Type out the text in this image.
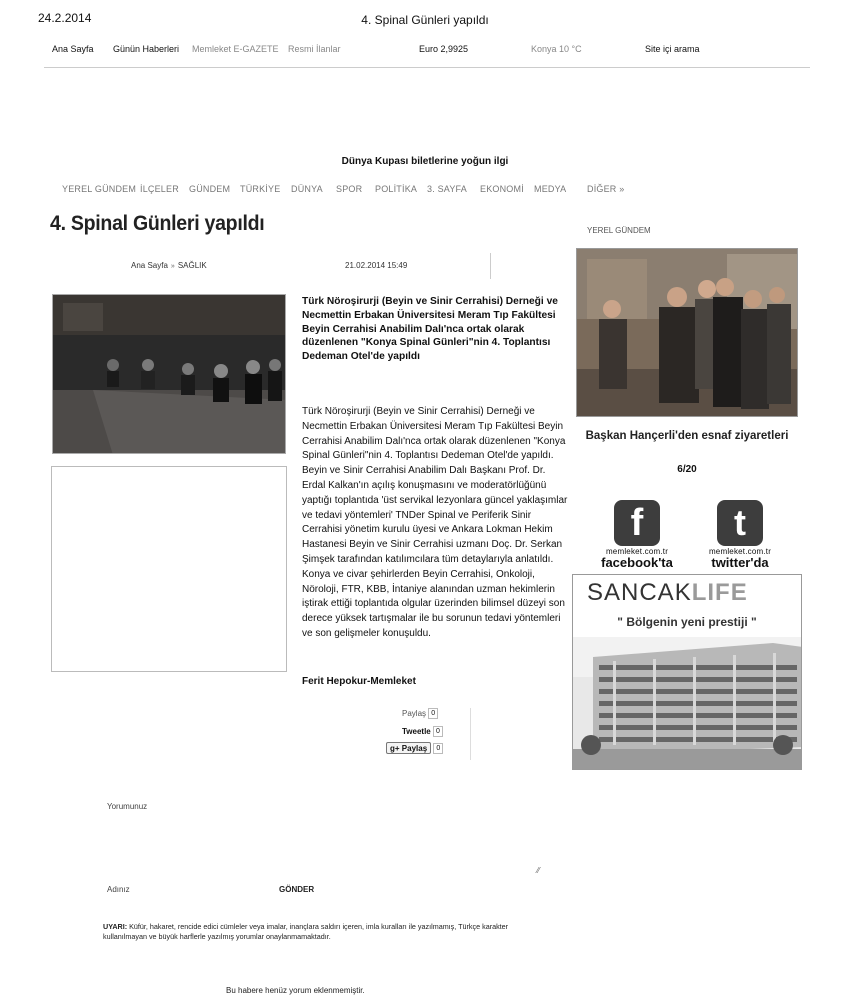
24.2.2014	4. Spinal Günleri yapıldı
Ana Sayfa Günün Haberleri Memleket E-GAZETE Resmi İlanlar	Euro 2,9925	Konya 10 °C	Site içi arama
Dünya Kupası biletlerine yoğun ilgi
YEREL GÜNDEM İLÇELER GÜNDEM TÜRKİYE DÜNYA SPOR POLİTİKA 3. SAYFA EKONOMİ MEDYA DİĞER »
4. Spinal Günleri yapıldı
Ana Sayfa » SAĞLIK	21.02.2014 15:49

Türk Nöroşirurji (Beyin ve Sinir Cerrahisi) Derneği ve Necmettin Erbakan Üniversitesi Meram Tıp Fakültesi Beyin Cerrahisi Anabilim Dalı'nca ortak olarak düzenlenen "Konya Spinal Günleri"nin 4. Toplantısı Dedeman Otel'de yapıldı

Türk Nöroşirurji (Beyin ve Sinir Cerrahisi) Derneği ve Necmettin Erbakan Üniversitesi Meram Tıp Fakültesi Beyin Cerrahisi Anabilim Dalı'nca ortak olarak düzenlenen "Konya Spinal Günleri"nin 4. Toplantısı Dedeman Otel'de yapıldı. Beyin ve Sinir Cerrahisi Anabilim Dalı Başkanı Prof. Dr. Erdal Kalkan'ın açılış konuşmasını ve moderatörlüğünü yaptığı toplantıda 'üst servikal lezyonlara güncel yaklaşımlar ve tedavi yöntemleri' TNDer Spinal ve Periferik Sinir Cerrahisi yönetim kurulu üyesi ve Ankara Lokman Hekim Hastanesi Beyin ve Sinir Cerrahisi uzmanı Doç. Dr. Serkan Şimşek tarafından katılımcılara tüm detaylarıyla anlatıldı. Konya ve civar şehirlerden Beyin Cerrahisi, Onkoloji, Nöroloji, FTR, KBB, İntaniye alanından uzman hekimlerin iştirak ettiği toplantıda olgular üzerinden bilimsel düzeyi son derece yüksek tartışmalar ile bu sorunun tedavi yöntemleri ve son gelişmeler konuşuldu.

Ferit Hepokur-Memleket
Paylaş 0
Tweetle 0
g+ Paylaş 0
Yorumunuz
⁄⁄
Adınız	GÖNDER
UYARI: Küfür, hakaret, rencide edici cümleler veya imalar, inançlara saldırı içeren, imla kuralları ile yazılmamış, Türkçe karakter kullanılmayan ve büyük harflerle yazılmış yorumlar onaylanmamaktadır.
Bu habere henüz yorum eklenmemiştir.
YEREL GÜNDEM
Başkan Hançerli'den esnaf ziyaretleri
6/20
f
memleket.com.tr
facebook'ta
t
memleket.com.tr
twitter'da
SANCAKLIFE
" Bölgenin yeni prestiji "
